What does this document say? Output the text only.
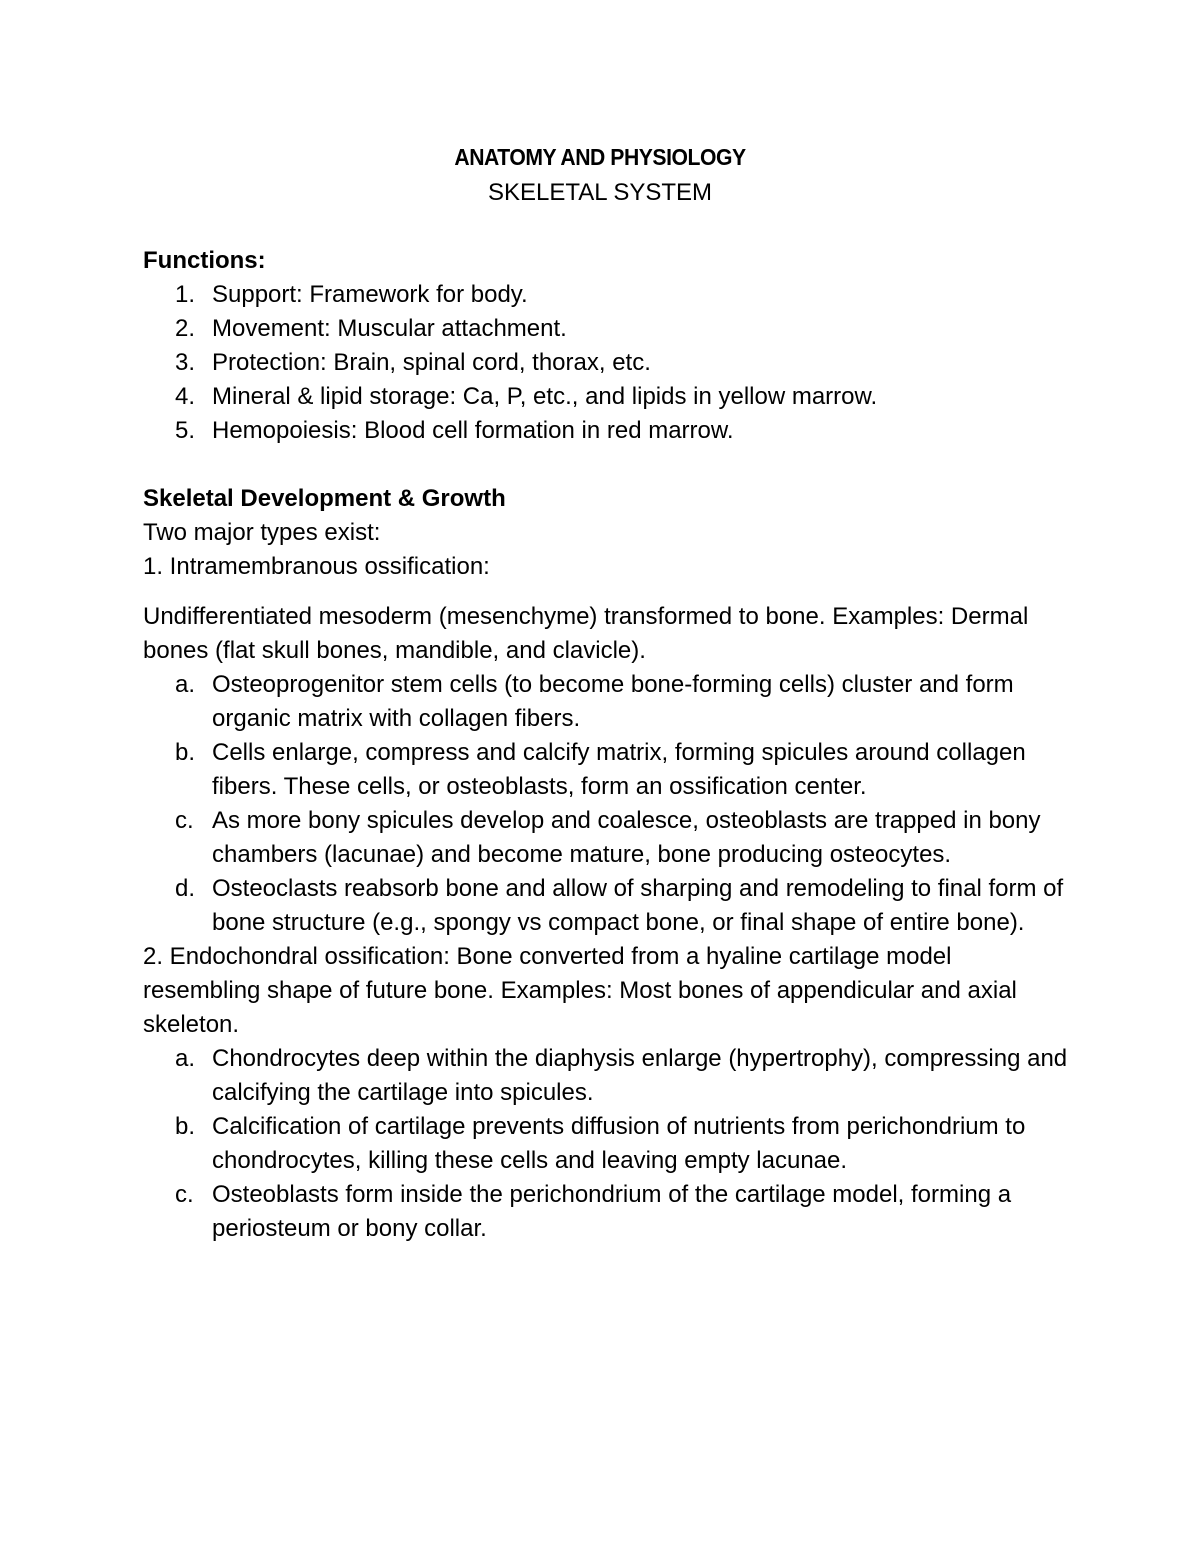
ANATOMY AND PHYSIOLOGY
SKELETAL SYSTEM

Functions:

1. Support: Framework for body.
2. Movement: Muscular attachment.
3. Protection: Brain, spinal cord, thorax, etc.
4. Mineral & lipid storage: Ca, P, etc., and lipids in yellow marrow.
5. Hemopoiesis: Blood cell formation in red marrow.

Skeletal Development & Growth

Two major types exist:

1. Intramembranous ossification:

Undifferentiated mesoderm (mesenchyme) transformed to bone. Examples: Dermal bones (flat skull bones, mandible, and clavicle).

a. Osteoprogenitor stem cells (to become bone-forming cells) cluster and form organic matrix with collagen fibers.
b. Cells enlarge, compress and calcify matrix, forming spicules around collagen fibers. These cells, or osteoblasts, form an ossification center.
c. As more bony spicules develop and coalesce, osteoblasts are trapped in bony chambers (lacunae) and become mature, bone producing osteocytes.
d. Osteoclasts reabsorb bone and allow of sharping and remodeling to final form of bone structure (e.g., spongy vs compact bone, or final shape of entire bone).

2. Endochondral ossification: Bone converted from a hyaline cartilage model resembling shape of future bone. Examples: Most bones of appendicular and axial skeleton.

a. Chondrocytes deep within the diaphysis enlarge (hypertrophy), compressing and calcifying the cartilage into spicules.
b. Calcification of cartilage prevents diffusion of nutrients from perichondrium to chondrocytes, killing these cells and leaving empty lacunae.
c. Osteoblasts form inside the perichondrium of the cartilage model, forming a periosteum or bony collar.
